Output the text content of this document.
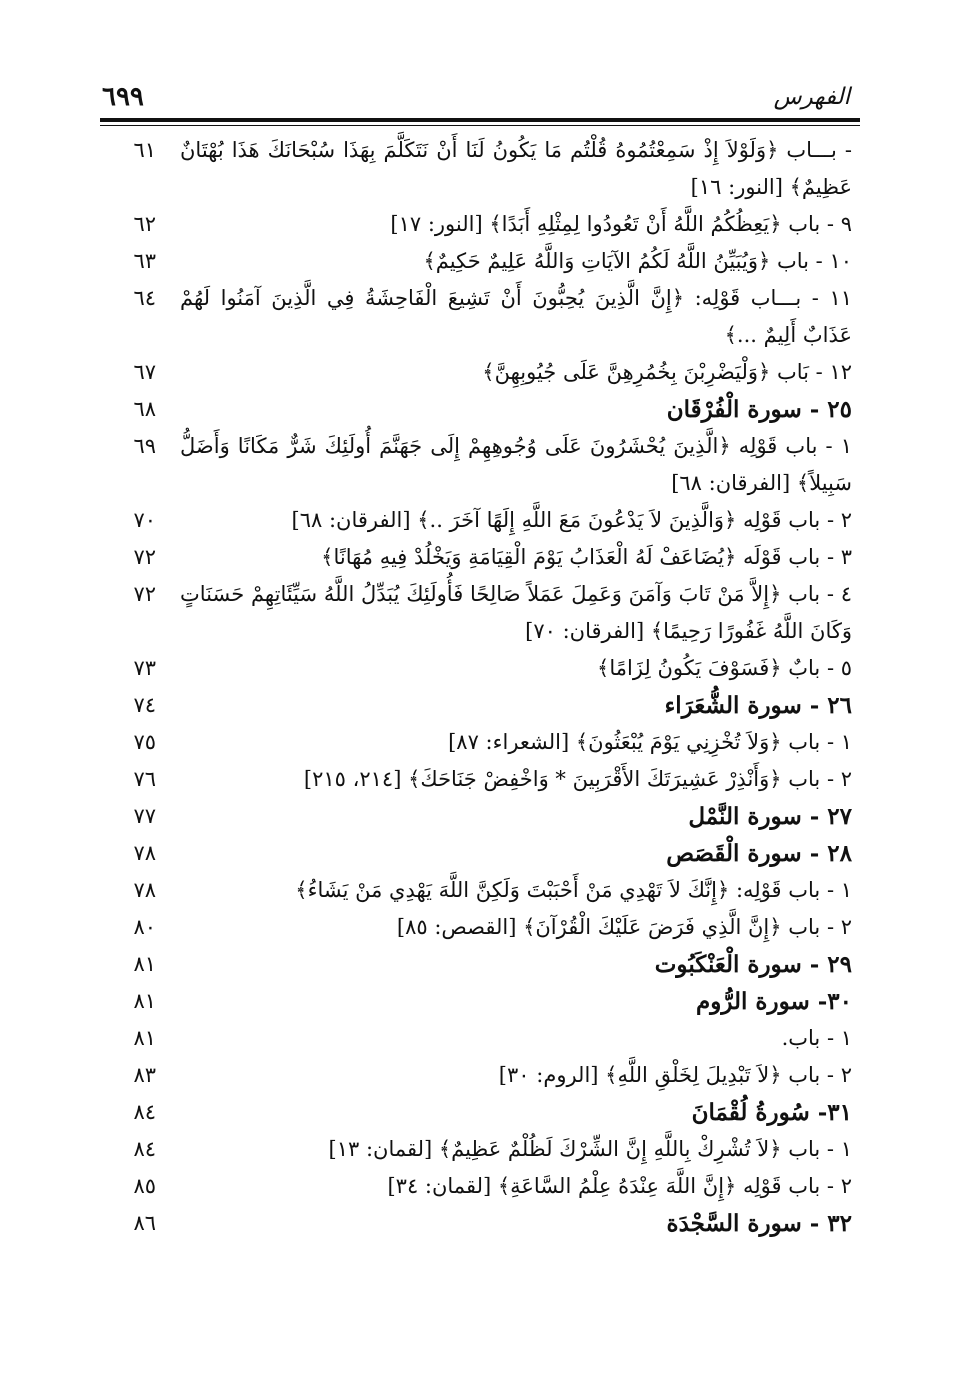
الفهرس
٦٩٩
- بـــاب ﴿وَلَوْلاَ إِذْ سَمِعْتُمُوهُ قُلْتُم مَا يَكُونُ لَنَا أَنْ نَتَكَلَّمَ بِهَذَا سُبْحَانَكَ هَذَا بُهْتَانٌ عَظِيمٌ﴾ [النور: ١٦]
٦١
٩ - باب ﴿يَعِظُكُمُ اللَّهُ أَنْ تَعُودُوا لِمِثْلِهِ أَبَدًا﴾ [النور: ١٧]
٦٢
١٠ - باب ﴿وَيُبَيِّنُ اللَّهُ لَكُمُ الآيَاتِ وَاللَّهُ عَلِيمٌ حَكِيمٌ﴾
٦٣
١١ - بـــاب قَوْلِه: ﴿إِنَّ الَّذِينَ يُحِبُّونَ أَنْ تَشِيعَ الْفَاحِشَةُ فِي الَّذِينَ آمَنُوا لَهُمْ عَذَابٌ أَلِيمٌ ...﴾
٦٤
١٢ - بَاب ﴿وَلْيَضْرِبْنَ بِخُمُرِهِنَّ عَلَى جُيُوبِهِنَّ﴾
٦٧
٢٥ - سورة الْفُرْقَان
٦٨
١ - باب قَوْلِه ﴿الَّذِينَ يُحْشَرُونَ عَلَى وُجُوهِهِمْ إِلَى جَهَنَّمَ أُولَئِكَ شَرٌّ مَكَانًا وَأَضَلُّ سَبِيلاً﴾ [الفرقان: ٦٨]
٦٩
٢ - باب قَوْلِه ﴿وَالَّذِينَ لاَ يَدْعُونَ مَعَ اللَّهِ إِلَهًا آخَرَ ..﴾ [الفرقان: ٦٨]
٧٠
٣ - باب قَوْلَه ﴿يُضَاعَفْ لَهُ الْعَذَابُ يَوْمَ الْقِيَامَةِ وَيَخْلُدْ فِيهِ مُهَانًا﴾
٧٢
٤ - باب ﴿إِلاَّ مَنْ تَابَ وَآمَنَ وَعَمِلَ عَمَلاً صَالِحًا فَأُولَئِكَ يُبَدِّلُ اللَّهُ سَيِّئَاتِهِمْ حَسَنَاتٍ وَكَانَ اللَّهُ غَفُورًا رَحِيمًا﴾ [الفرقان: ٧٠]
٧٢
٥ - بابٌ ﴿فَسَوْفَ يَكُونُ لِزَامًا﴾
٧٣
٢٦ - سورة الشُّعَرَاء
٧٤
١ - باب ﴿وَلاَ تُخْزِنِي يَوْمَ يُبْعَثُونَ﴾ [الشعراء: ٨٧]
٧٥
٢ - باب ﴿وَأَنْذِرْ عَشِيرَتَكَ الأَقْرَبِينَ * وَاخْفِضْ جَنَاحَكَ﴾ [٢١٤، ٢١٥]
٧٦
٢٧ - سورة النَّمْل
٧٧
٢٨ - سورة الْقَصَص
٧٨
١ - باب قَوْلِه: ﴿إِنَّكَ لاَ تَهْدِي مَنْ أَحْبَبْتَ وَلَكِنَّ اللَّهَ يَهْدِي مَنْ يَشَاءُ﴾
٧٨
٢ - باب ﴿إِنَّ الَّذِي فَرَضَ عَلَيْكَ الْقُرْآنَ﴾ [القصص: ٨٥]
٨٠
٢٩ - سورة الْعَنْكَبُوت
٨١
٣٠- سورة الرُّوم
٨١
١ - باب.
٨١
٢ - باب ﴿لاَ تَبْدِيلَ لِخَلْقِ اللَّهِ﴾ [الروم: ٣٠]
٨٣
٣١- سُورةُ لُقْمَانَ
٨٤
١ - باب ﴿لاَ تُشْرِكْ بِاللَّهِ إِنَّ الشِّرْكَ لَظُلْمٌ عَظِيمٌ﴾ [لقمان: ١٣]
٨٤
٢ - باب قَوْلِه ﴿إِنَّ اللَّهَ عِنْدَهُ عِلْمُ السَّاعَةِ﴾ [لقمان: ٣٤]
٨٥
٣٢ - سورة السَّجْدَة
٨٦
